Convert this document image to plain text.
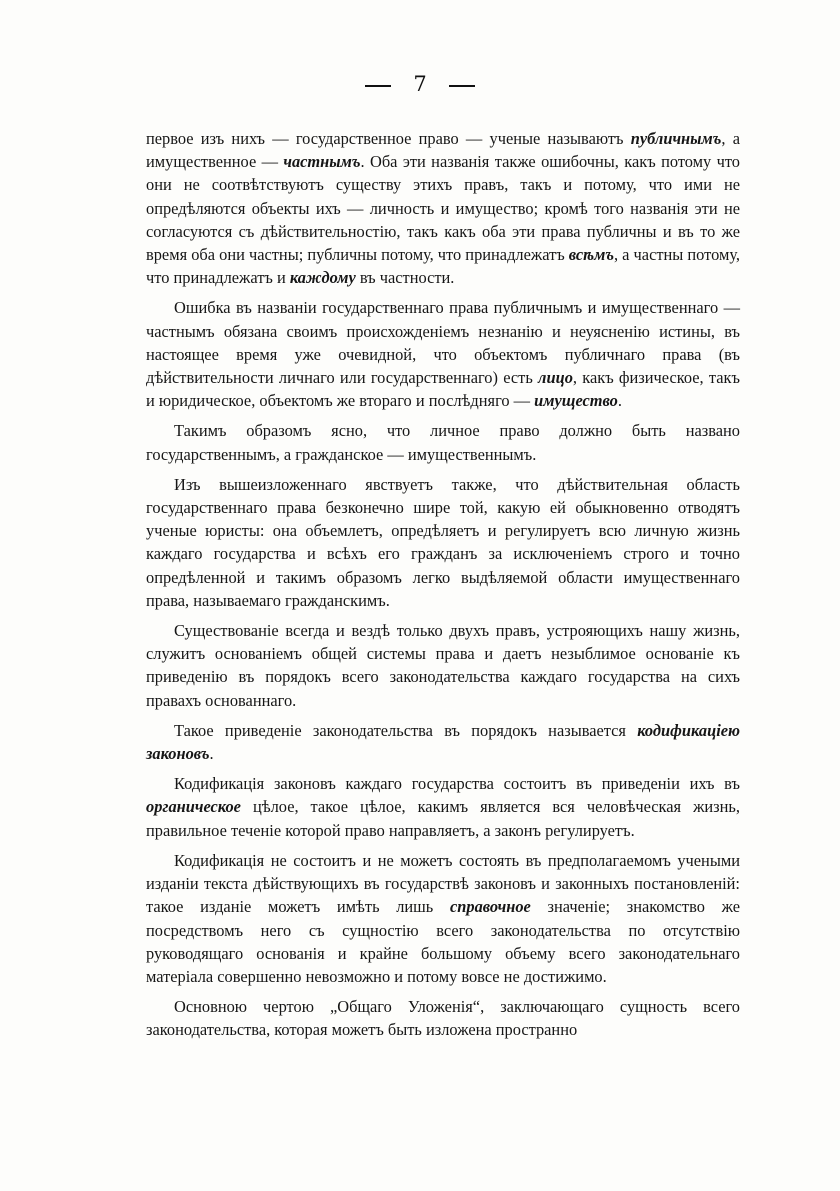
7

первое изъ нихъ — государственное право — ученые называютъ публичнымъ, а имущественное — частнымъ. Оба эти названія также ошибочны, какъ потому что они не соотвѣтствуютъ существу этихъ правъ, такъ и потому, что ими не опредѣляются объекты ихъ — личность и имущество; кромѣ того названія эти не согласуются съ дѣйствительностію, такъ какъ оба эти права публичны и въ то же время оба они частны; публичны потому, что принадлежатъ всѣмъ, а частны потому, что принадлежатъ и каждому въ частности.

Ошибка въ названіи государственнаго права публичнымъ и имущественнаго — частнымъ обязана своимъ происхожденіемъ незнанію и неуясненію истины, въ настоящее время уже очевидной, что объектомъ публичнаго права (въ дѣйствительности личнаго или государственнаго) есть лицо, какъ физическое, такъ и юридическое, объектомъ же втораго и послѣдняго — имущество.

Такимъ образомъ ясно, что личное право должно быть названо государственнымъ, а гражданское — имущественнымъ.

Изъ вышеизложеннаго явствуетъ также, что дѣйствительная область государственнаго права безконечно шире той, какую ей обыкновенно отводятъ ученые юристы: она объемлетъ, опредѣляетъ и регулируетъ всю личную жизнь каждаго государства и всѣхъ его гражданъ за исключеніемъ строго и точно опредѣленной и такимъ образомъ легко выдѣляемой области имущественнаго права, называемаго гражданскимъ.

Существованіе всегда и вездѣ только двухъ правъ, устрояющихъ нашу жизнь, служитъ основаніемъ общей системы права и даетъ незыблимое основаніе къ приведенію въ порядокъ всего законодательства каждаго государства на сихъ правахъ основаннаго.

Такое приведеніе законодательства въ порядокъ называется кодификаціею законовъ.

Кодификація законовъ каждаго государства состоитъ въ приведеніи ихъ въ органическое цѣлое, такое цѣлое, какимъ является вся человѣческая жизнь, правильное теченіе которой право направляетъ, а законъ регулируетъ.

Кодификація не состоитъ и не можетъ состоять въ предполагаемомъ учеными изданіи текста дѣйствующихъ въ государствѣ законовъ и законныхъ постановленій: такое изданіе можетъ имѣть лишь справочное значеніе; знакомство же посредствомъ него съ сущностію всего законодательства по отсутствію руководящаго основанія и крайне большому объему всего законодательнаго матеріала совершенно невозможно и потому вовсе не достижимо.

Основною чертою „Общаго Уложенія“, заключающаго сущность всего законодательства, которая можетъ быть изложена пространно
